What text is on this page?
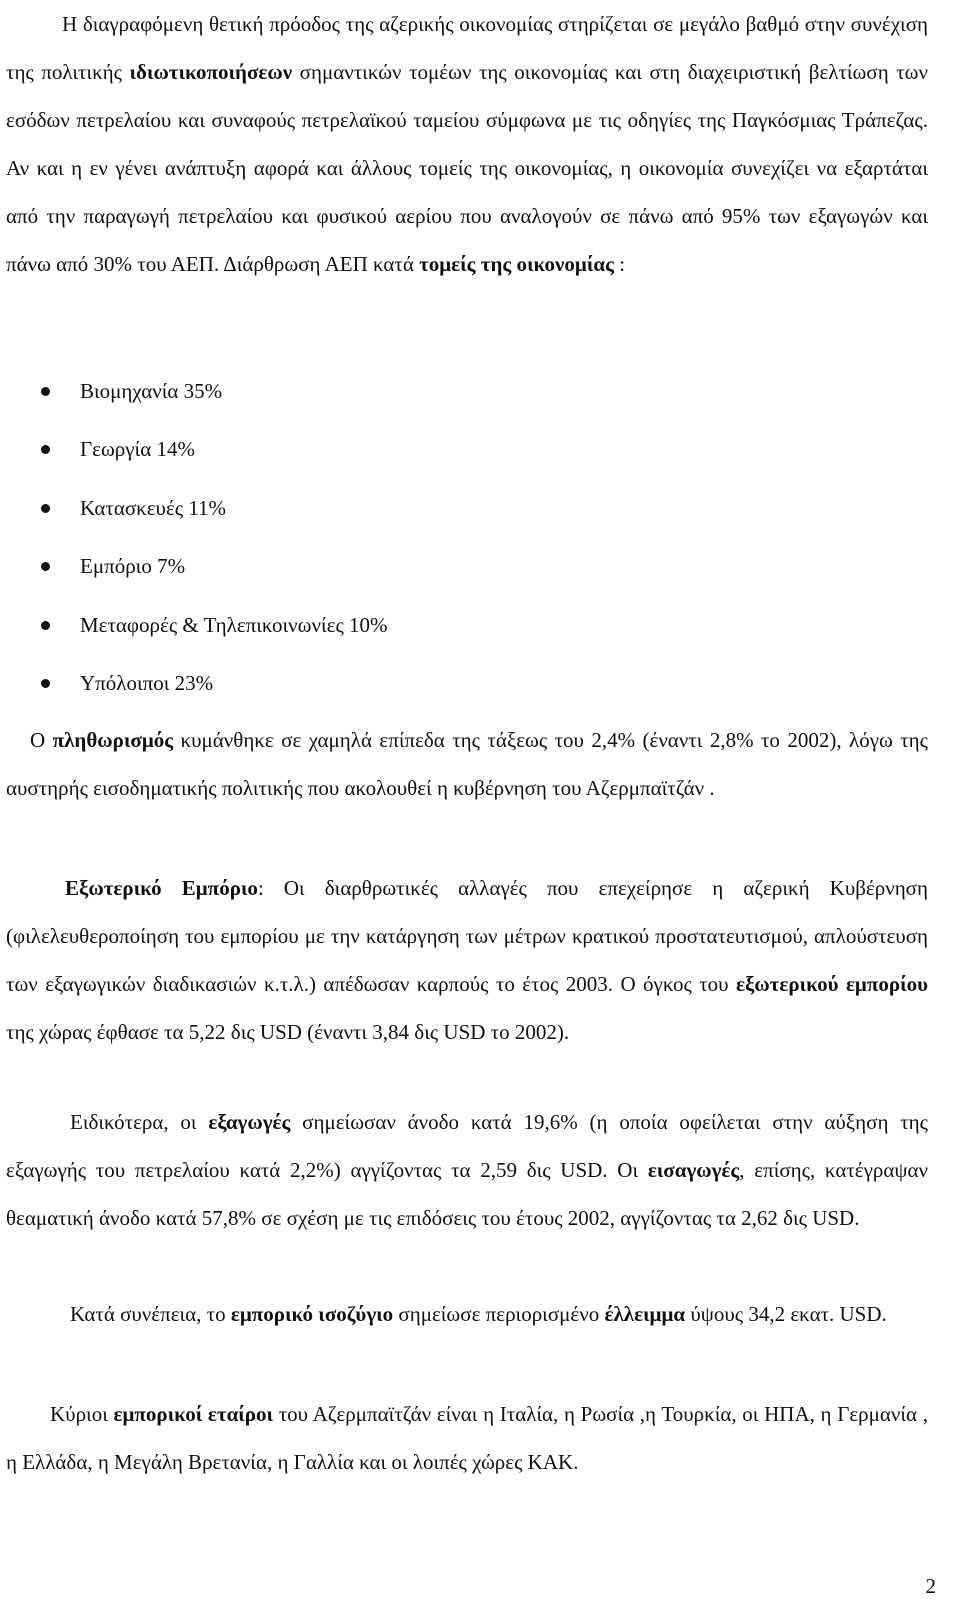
Η διαγραφόμενη θετική πρόοδος της αζερικής οικονομίας στηρίζεται σε μεγάλο βαθμό στην συνέχιση της πολιτικής ιδιωτικοποιήσεων σημαντικών τομέων της οικονομίας και στη διαχειριστική βελτίωση των εσόδων πετρελαίου και συναφούς πετρελαϊκού ταμείου σύμφωνα με τις οδηγίες της Παγκόσμιας Τράπεζας. Αν και η εν γένει ανάπτυξη αφορά και άλλους τομείς της οικονομίας, η οικονομία συνεχίζει να εξαρτάται από την παραγωγή πετρελαίου και φυσικού αερίου που αναλογούν σε πάνω από 95% των εξαγωγών και πάνω από 30% του ΑΕΠ. Διάρθρωση ΑΕΠ κατά τομείς της οικονομίας :

Βιομηχανία 35%
Γεωργία 14%
Κατασκευές 11%
Εμπόριο 7%
Μεταφορές & Τηλεπικοινωνίες 10%
Υπόλοιποι 23%

Ο πληθωρισμός κυμάνθηκε σε χαμηλά επίπεδα της τάξεως του 2,4% (έναντι 2,8% το 2002), λόγω της αυστηρής εισοδηματικής πολιτικής που ακολουθεί η κυβέρνηση του Αζερμπαϊτζάν .

Εξωτερικό Εμπόριο: Οι διαρθρωτικές αλλαγές που επεχείρησε η αζερική Κυβέρνηση (φιλελευθεροποίηση του εμπορίου με την κατάργηση των μέτρων κρατικού προστατευτισμού, απλούστευση των εξαγωγικών διαδικασιών κ.τ.λ.) απέδωσαν καρπούς το έτος 2003. Ο όγκος του εξωτερικού εμπορίου της χώρας έφθασε τα 5,22 δις USD (έναντι 3,84 δις USD το 2002).

Ειδικότερα, οι εξαγωγές σημείωσαν άνοδο κατά 19,6% (η οποία οφείλεται στην αύξηση της εξαγωγής του πετρελαίου κατά 2,2%) αγγίζοντας τα 2,59 δις USD. Οι εισαγωγές, επίσης, κατέγραψαν θεαματική άνοδο κατά 57,8% σε σχέση με τις επιδόσεις του έτους 2002, αγγίζοντας τα 2,62 δις USD.

Κατά συνέπεια, το εμπορικό ισοζύγιο σημείωσε περιορισμένο έλλειμμα ύψους 34,2 εκατ. USD.

Κύριοι εμπορικοί εταίροι του Αζερμπαϊτζάν είναι η Ιταλία, η Ρωσία ,η Τουρκία, οι ΗΠΑ, η Γερμανία , η Ελλάδα, η Μεγάλη Βρετανία, η Γαλλία και οι λοιπές χώρες ΚΑΚ.

2
